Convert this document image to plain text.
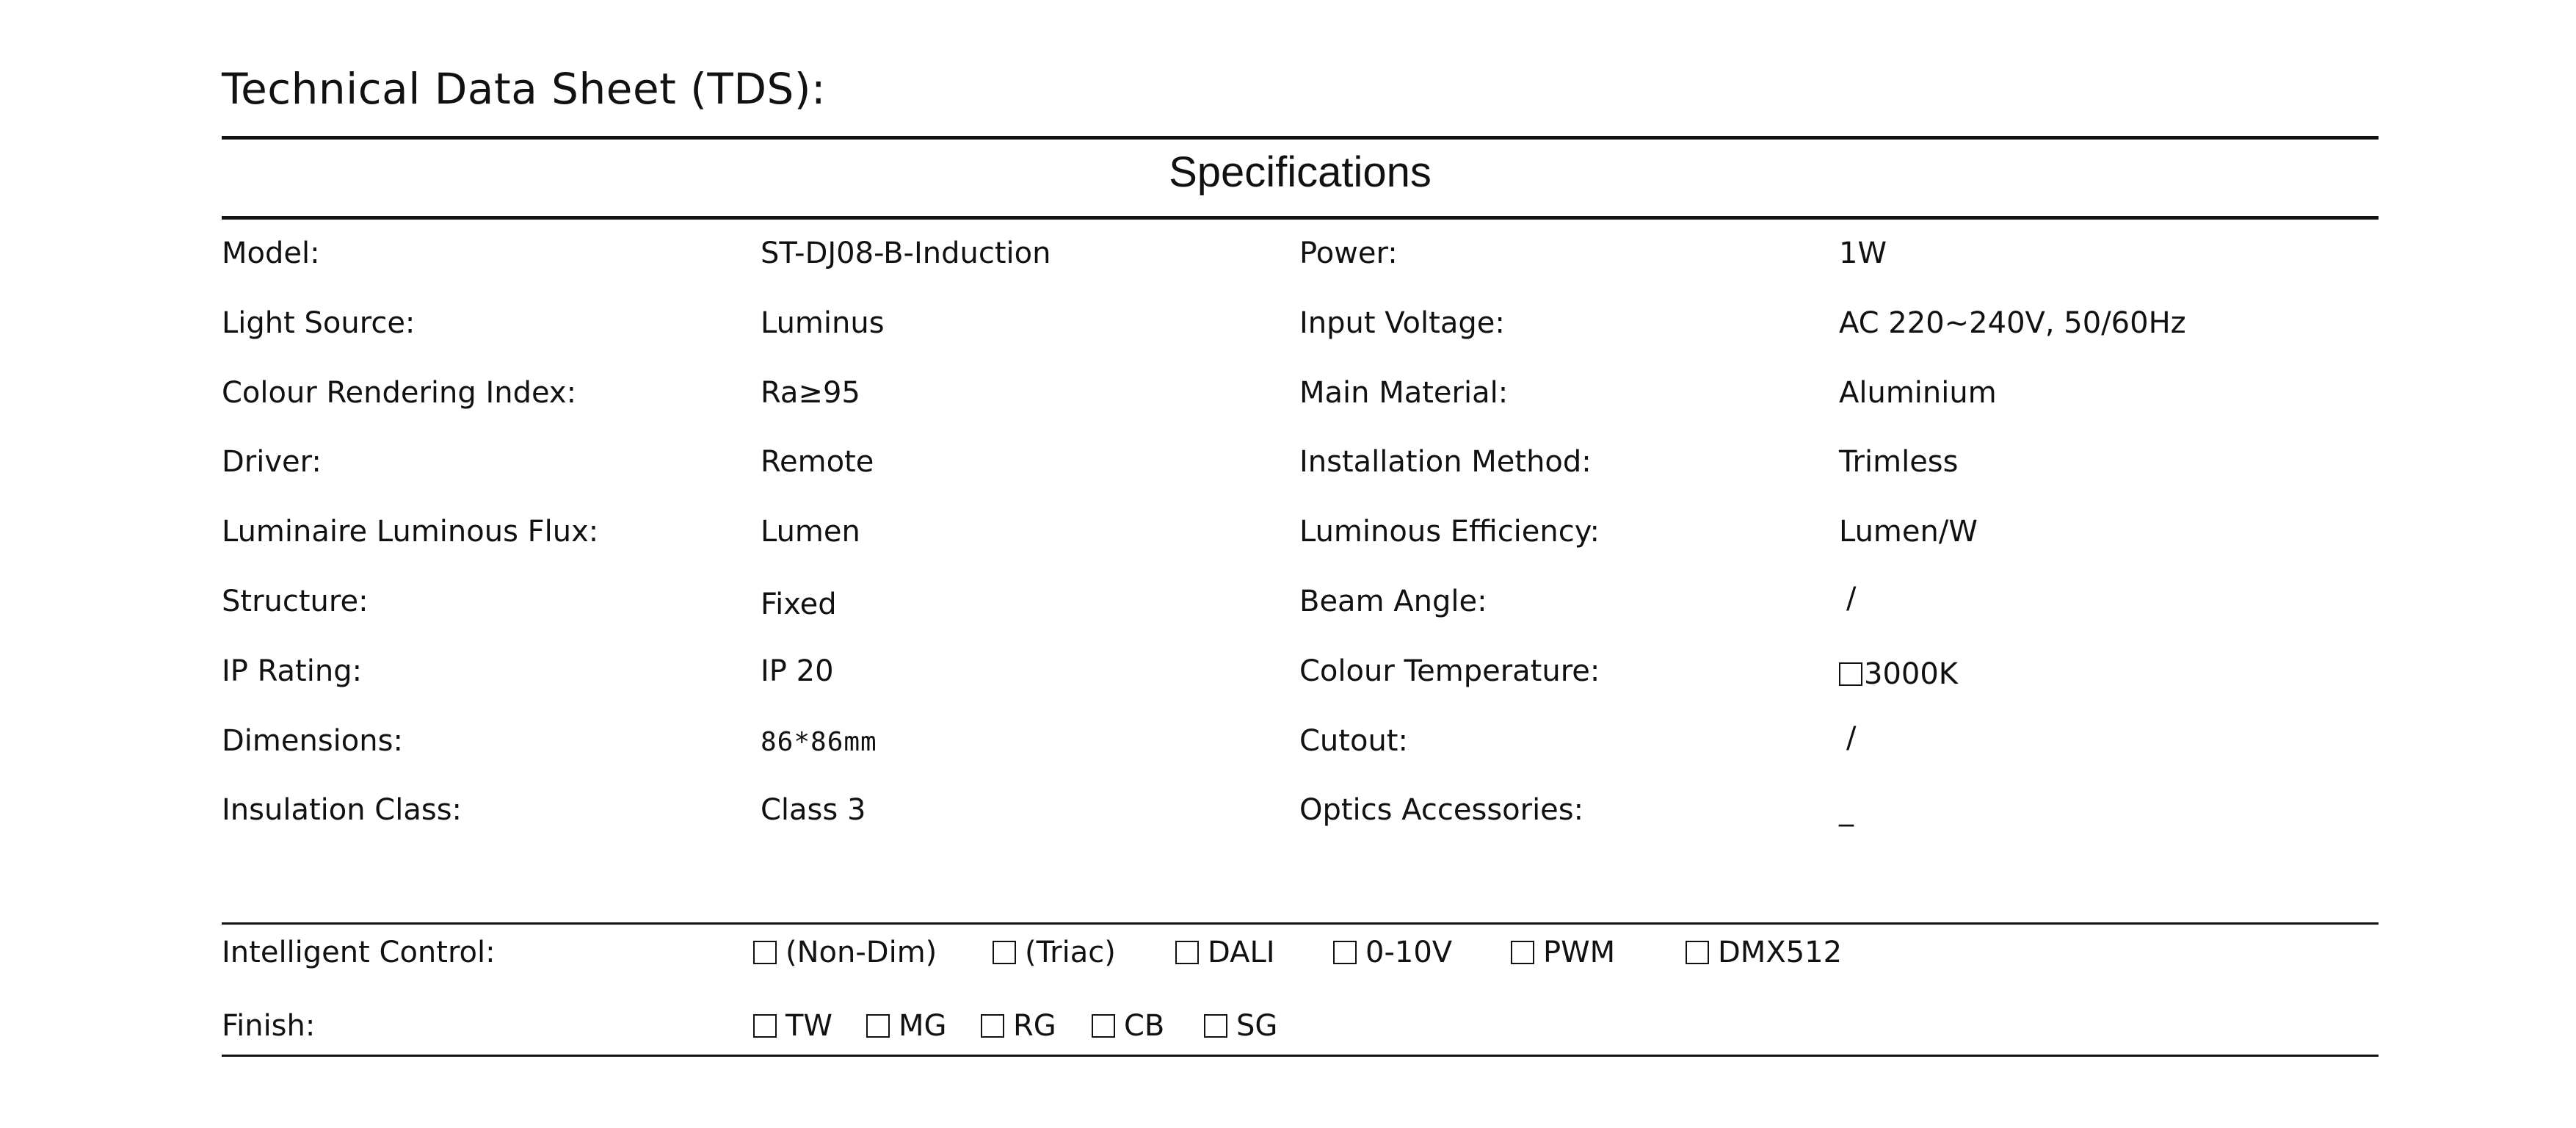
Technical Data Sheet (TDS):
Specifications
Model:	ST-DJ08-B-Induction	Power:	1W
Light Source:	Luminus	Input Voltage:	AC 220~240V, 50/60Hz
Colour Rendering Index:	Ra≥95	Main Material:	Aluminium
Driver:	Remote	Installation Method:	Trimless
Luminaire Luminous Flux:	Lumen	Luminous Efficiency:	Lumen/W
Structure:	Fixed	Beam Angle:	/
IP Rating:	IP 20	Colour Temperature:	3000K
Dimensions:	86*86mm	Cutout:	/
Insulation Class:	Class 3	Optics Accessories:	_
Intelligent Control:	(Non-Dim)	(Triac)	DALI	0-10V	PWM	DMX512
Finish:	TW	MG	RG	CB	SG
